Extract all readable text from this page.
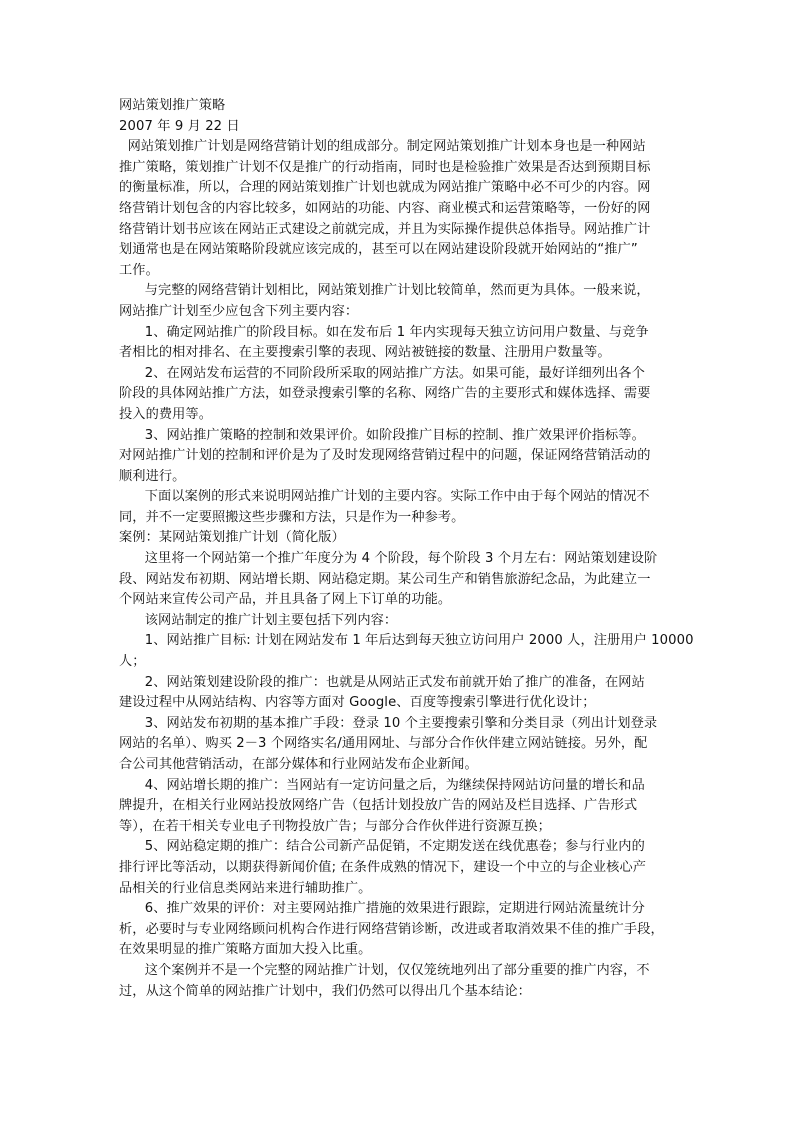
网站策划推广策略
2007 年 9 月 22 日
网站策划推广计划是网络营销计划的组成部分。制定网站策划推广计划本身也是一种网站
推广策略，策划推广计划不仅是推广的行动指南，同时也是检验推广效果是否达到预期目标
的衡量标准，所以，合理的网站策划推广计划也就成为网站推广策略中必不可少的内容。网
络营销计划包含的内容比较多，如网站的功能、内容、商业模式和运营策略等，一份好的网
络营销计划书应该在网站正式建设之前就完成，并且为实际操作提供总体指导。网站推广计
划通常也是在网站策略阶段就应该完成的，甚至可以在网站建设阶段就开始网站的“推广”
工作。
与完整的网络营销计划相比，网站策划推广计划比较简单，然而更为具体。一般来说，
网站推广计划至少应包含下列主要内容：
1、确定网站推广的阶段目标。如在发布后 1 年内实现每天独立访问用户数量、与竞争
者相比的相对排名、在主要搜索引擎的表现、网站被链接的数量、注册用户数量等。
2、在网站发布运营的不同阶段所采取的网站推广方法。如果可能，最好详细列出各个
阶段的具体网站推广方法，如登录搜索引擎的名称、网络广告的主要形式和媒体选择、需要
投入的费用等。
3、网站推广策略的控制和效果评价。如阶段推广目标的控制、推广效果评价指标等。
对网站推广计划的控制和评价是为了及时发现网络营销过程中的问题，保证网络营销活动的
顺利进行。
下面以案例的形式来说明网站推广计划的主要内容。实际工作中由于每个网站的情况不
同，并不一定要照搬这些步骤和方法，只是作为一种参考。
案例：某网站策划推广计划（简化版）
这里将一个网站第一个推广年度分为 4 个阶段，每个阶段 3 个月左右：网站策划建设阶
段、网站发布初期、网站增长期、网站稳定期。某公司生产和销售旅游纪念品，为此建立一
个网站来宣传公司产品，并且具备了网上下订单的功能。
该网站制定的推广计划主要包括下列内容：
1、网站推广目标: 计划在网站发布 1 年后达到每天独立访问用户 2000 人，注册用户 10000
人；
2、网站策划建设阶段的推广：也就是从网站正式发布前就开始了推广的准备，在网站
建设过程中从网站结构、内容等方面对 Google、百度等搜索引擎进行优化设计；
3、网站发布初期的基本推广手段：登录 10 个主要搜索引擎和分类目录（列出计划登录
网站的名单）、购买 2－3 个网络实名/通用网址、与部分合作伙伴建立网站链接。另外，配
合公司其他营销活动，在部分媒体和行业网站发布企业新闻。
4、网站增长期的推广：当网站有一定访问量之后，为继续保持网站访问量的增长和品
牌提升，在相关行业网站投放网络广告（包括计划投放广告的网站及栏目选择、广告形式
等），在若干相关专业电子刊物投放广告；与部分合作伙伴进行资源互换；
5、网站稳定期的推广：结合公司新产品促销，不定期发送在线优惠卷；参与行业内的
排行评比等活动，以期获得新闻价值; 在条件成熟的情况下，建设一个中立的与企业核心产
品相关的行业信息类网站来进行辅助推广。
6、推广效果的评价：对主要网站推广措施的效果进行跟踪，定期进行网站流量统计分
析，必要时与专业网络顾问机构合作进行网络营销诊断，改进或者取消效果不佳的推广手段，
在效果明显的推广策略方面加大投入比重。
这个案例并不是一个完整的网站推广计划，仅仅笼统地列出了部分重要的推广内容，不
过，从这个简单的网站推广计划中，我们仍然可以得出几个基本结论：
